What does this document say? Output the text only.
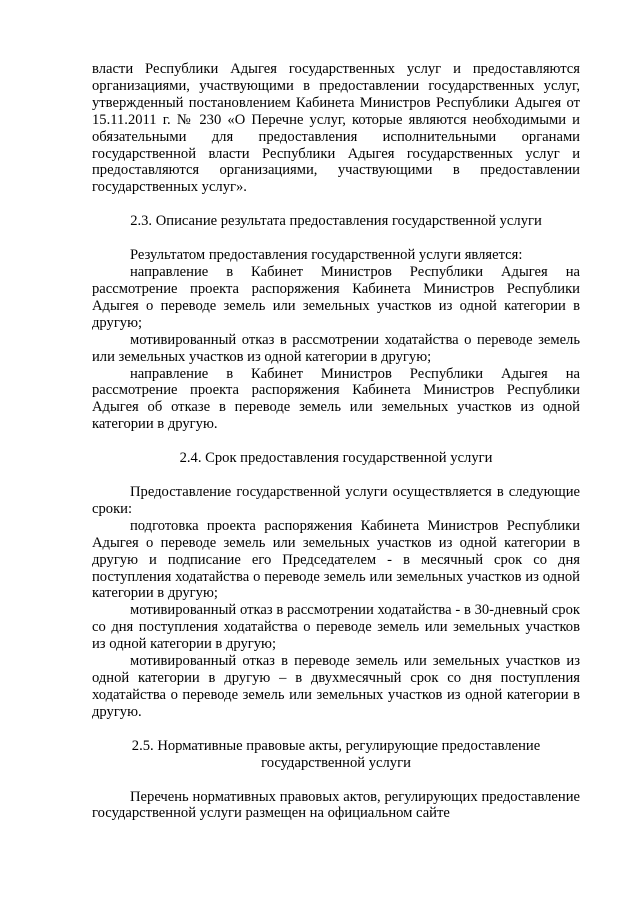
власти Республики Адыгея государственных услуг и предоставляются организациями, участвующими в предоставлении государственных услуг, утвержденный постановлением Кабинета Министров Республики Адыгея от 15.11.2011 г. № 230 «О Перечне услуг, которые являются необходимыми и обязательными для предоставления исполнительными органами государственной власти Республики Адыгея государственных услуг и предоставляются организациями, участвующими в предоставлении государственных услуг».

2.3. Описание результата предоставления государственной услуги

Результатом предоставления государственной услуги является:

направление в Кабинет Министров Республики Адыгея на рассмотрение проекта распоряжения Кабинета Министров Республики Адыгея о переводе земель или земельных участков из одной категории в другую;

мотивированный отказ в рассмотрении ходатайства о переводе земель или земельных участков из одной категории в другую;

направление в Кабинет Министров Республики Адыгея на рассмотрение проекта распоряжения Кабинета Министров Республики Адыгея об отказе в переводе земель или земельных участков из одной категории в другую.

2.4. Срок предоставления государственной услуги

Предоставление государственной услуги осуществляется в следующие сроки:

подготовка проекта распоряжения Кабинета Министров Республики Адыгея о переводе земель или земельных участков из одной категории в другую и подписание его Председателем - в месячный срок со дня поступления ходатайства о переводе земель или земельных участков из одной категории в другую;

мотивированный отказ в рассмотрении ходатайства - в 30-дневный срок со дня поступления ходатайства о переводе земель или земельных участков из одной категории в другую;

мотивированный отказ в переводе земель или земельных участков из одной категории в другую – в двухмесячный срок со дня поступления ходатайства о переводе земель или земельных участков из одной категории в другую.

2.5. Нормативные правовые акты, регулирующие предоставление

государственной услуги

Перечень нормативных правовых актов, регулирующих предоставление государственной услуги размещен на официальном сайте
